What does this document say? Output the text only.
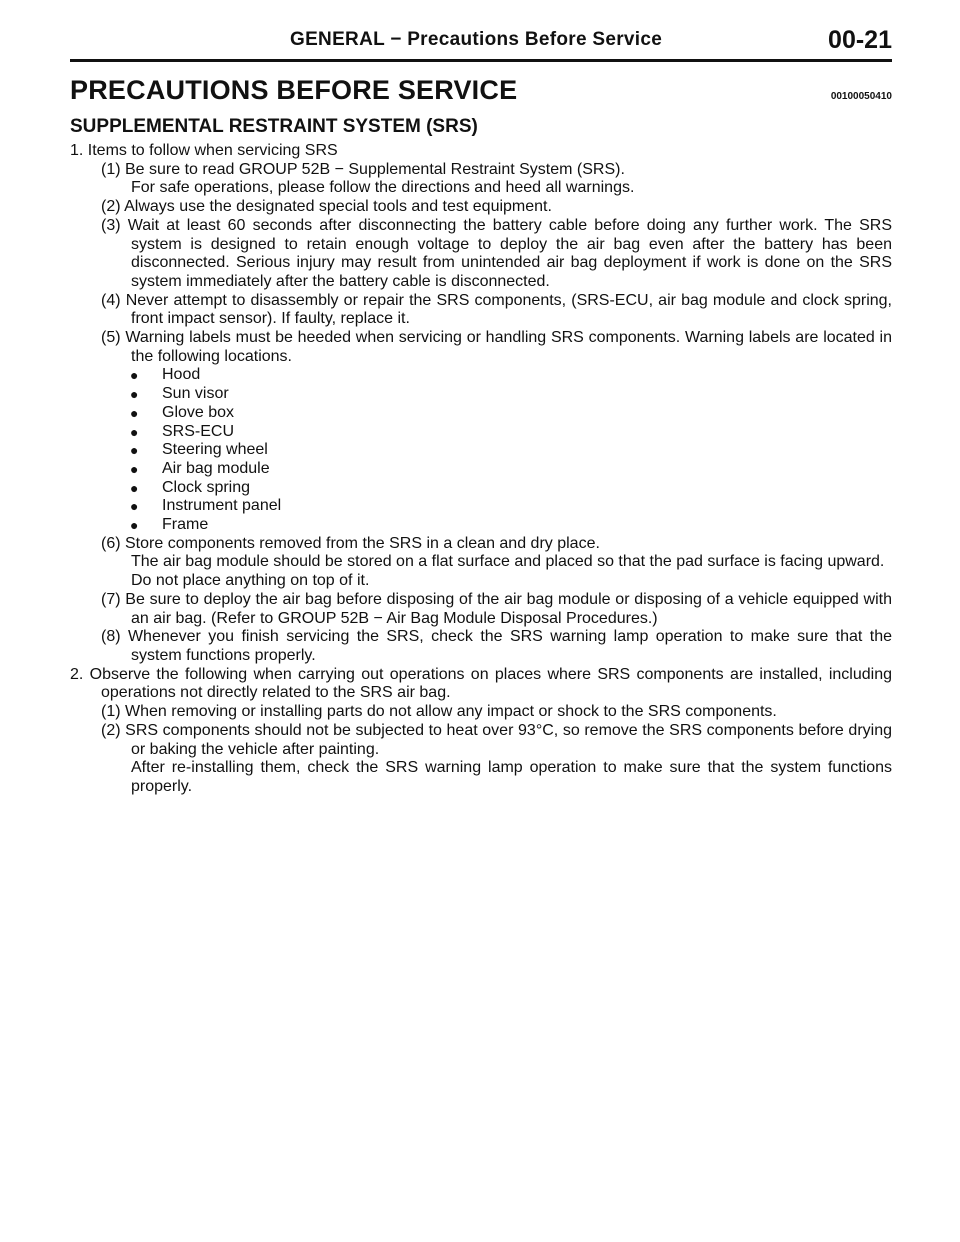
GENERAL − Precautions Before Service	00-21
PRECAUTIONS BEFORE SERVICE	00100050410
SUPPLEMENTAL RESTRAINT SYSTEM (SRS)

1. Items to follow when servicing SRS

(1) Be sure to read GROUP 52B − Supplemental Restraint System (SRS).

For safe operations, please follow the directions and heed all warnings.

(2) Always use the designated special tools and test equipment.

(3) Wait at least 60 seconds after disconnecting the battery cable before doing any further work. The SRS system is designed to retain enough voltage to deploy the air bag even after the battery has been disconnected. Serious injury may result from unintended air bag deployment if work is done on the SRS system immediately after the battery cable is disconnected.

(4) Never attempt to disassembly or repair the SRS components, (SRS-ECU, air bag module and clock spring, front impact sensor). If faulty, replace it.

(5) Warning labels must be heeded when servicing or handling SRS components. Warning labels are located in the following locations.

● Hood
● Sun visor
● Glove box
● SRS-ECU
● Steering wheel
● Air bag module
● Clock spring
● Instrument panel
● Frame

(6) Store components removed from the SRS in a clean and dry place.

The air bag module should be stored on a flat surface and placed so that the pad surface is facing upward.

Do not place anything on top of it.

(7) Be sure to deploy the air bag before disposing of the air bag module or disposing of a vehicle equipped with an air bag. (Refer to GROUP 52B − Air Bag Module Disposal Procedures.)

(8) Whenever you finish servicing the SRS, check the SRS warning lamp operation to make sure that the system functions properly.

2. Observe the following when carrying out operations on places where SRS components are installed, including operations not directly related to the SRS air bag.

(1) When removing or installing parts do not allow any impact or shock to the SRS components.

(2) SRS components should not be subjected to heat over 93°C, so remove the SRS components before drying or baking the vehicle after painting.

After re-installing them, check the SRS warning lamp operation to make sure that the system functions properly.
